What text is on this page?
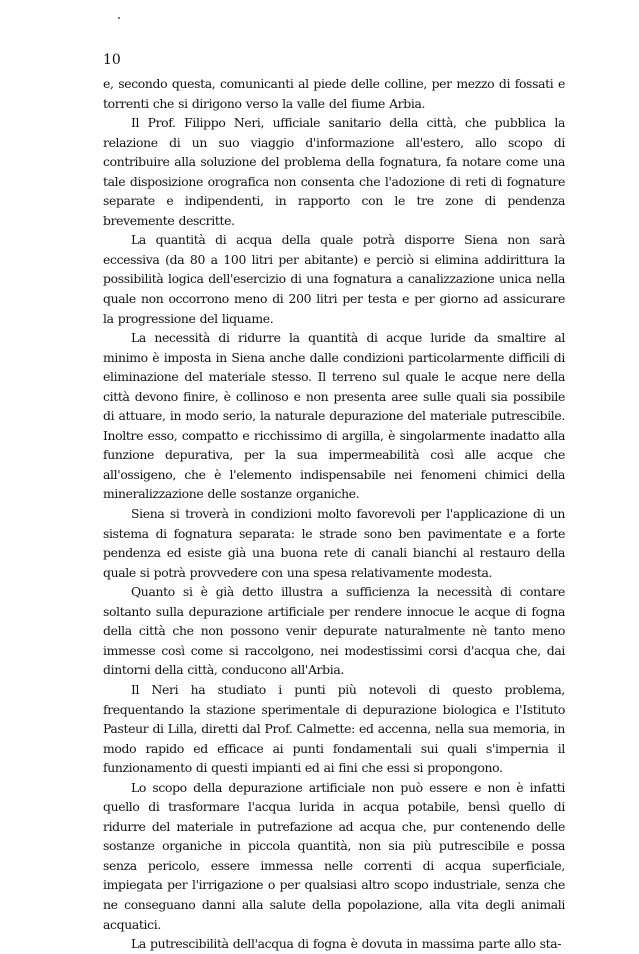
10

e, secondo questa, comunicanti al piede delle colline, per mezzo di fossati e torrenti che si dirigono verso la valle del fiume Arbia.

Il Prof. Filippo Neri, ufficiale sanitario della città, che pubblica la relazione di un suo viaggio d'informazione all'estero, allo scopo di contribuire alla soluzione del problema della fognatura, fa notare come una tale disposizione orografica non consenta che l'adozione di reti di fognature separate e indipendenti, in rapporto con le tre zone di pendenza brevemente descritte.

La quantità di acqua della quale potrà disporre Siena non sarà eccessiva (da 80 a 100 litri per abitante) e perciò si elimina addirittura la possibilità logica dell'esercizio di una fognatura a canalizzazione unica nella quale non occorrono meno di 200 litri per testa e per giorno ad assicurare la progressione del liquame.

La necessità di ridurre la quantità di acque luride da smaltire al minimo è imposta in Siena anche dalle condizioni particolarmente difficili di eliminazione del materiale stesso. Il terreno sul quale le acque nere della città devono finire, è collinoso e non presenta aree sulle quali sia possibile di attuare, in modo serio, la naturale depurazione del materiale putrescibile. Inoltre esso, compatto e ricchissimo di argilla, è singolarmente inadatto alla funzione depurativa, per la sua impermeabilità così alle acque che all'ossigeno, che è l'elemento indispensabile nei fenomeni chimici della mineralizzazione delle sostanze organiche.

Siena si troverà in condizioni molto favorevoli per l'applicazione di un sistema di fognatura separata: le strade sono ben pavimentate e a forte pendenza ed esiste già una buona rete di canali bianchi al restauro della quale si potrà provvedere con una spesa relativamente modesta.

Quanto si è già detto illustra a sufficienza la necessità di contare soltanto sulla depurazione artificiale per rendere innocue le acque di fogna della città che non possono venir depurate naturalmente nè tanto meno immesse così come si raccolgono, nei modestissimi corsi d'acqua che, dai dintorni della città, conducono all'Arbia.

Il Neri ha studiato i punti più notevoli di questo problema, frequentando la stazione sperimentale di depurazione biologica e l'Istituto Pasteur di Lilla, diretti dal Prof. Calmette: ed accenna, nella sua memoria, in modo rapido ed efficace ai punti fondamentali sui quali s'impernia il funzionamento di questi impianti ed ai fini che essi si propongono.

Lo scopo della depurazione artificiale non può essere e non è infatti quello di trasformare l'acqua lurida in acqua potabile, bensì quello di ridurre del materiale in putrefazione ad acqua che, pur contenendo delle sostanze organiche in piccola quantità, non sia più putrescibile e possa senza pericolo, essere immessa nelle correnti di acqua superficiale, impiegata per l'irrigazione o per qualsiasi altro scopo industriale, senza che ne conseguano danni alla salute della popolazione, alla vita degli animali acquatici.

La putrescibilità dell'acqua di fogna è dovuta in massima parte allo sta-
